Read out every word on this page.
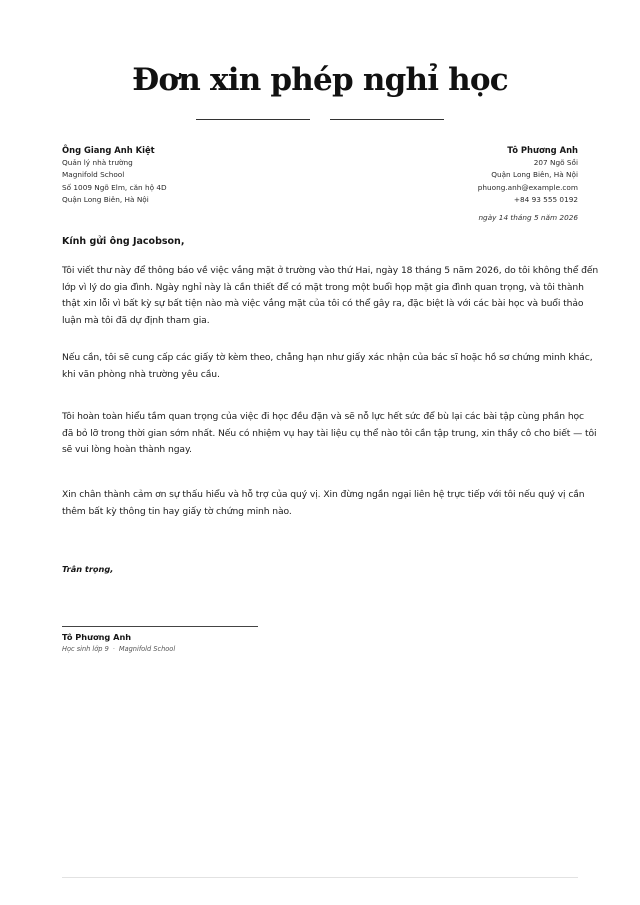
Đơn xin phép nghỉ học
Ông Giang Anh Kiệt
Quản lý nhà trường
Magnifold School
Số 1009 Ngõ Elm, căn hộ 4D
Quận Long Biên, Hà Nội
Tô Phương Anh
207 Ngõ Sồi
Quận Long Biên, Hà Nội
phuong.anh@example.com
+84 93 555 0192
ngày 14 tháng 5 năm 2026
Kính gửi ông Jacobson,
Tôi viết thư này để thông báo về việc vắng mặt ở trường vào thứ Hai, ngày 18 tháng 5 năm 2026, do tôi không thể đến
lớp vì lý do gia đình. Ngày nghỉ này là cần thiết để có mặt trong một buổi họp mặt gia đình quan trọng, và tôi thành
thật xin lỗi vì bất kỳ sự bất tiện nào mà việc vắng mặt của tôi có thể gây ra, đặc biệt là với các bài học và buổi thảo
luận mà tôi đã dự định tham gia.
Nếu cần, tôi sẽ cung cấp các giấy tờ kèm theo, chẳng hạn như giấy xác nhận của bác sĩ hoặc hồ sơ chứng minh khác,
khi văn phòng nhà trường yêu cầu.
Tôi hoàn toàn hiểu tầm quan trọng của việc đi học đều đặn và sẽ nỗ lực hết sức để bù lại các bài tập cùng phần học
đã bỏ lỡ trong thời gian sớm nhất. Nếu có nhiệm vụ hay tài liệu cụ thể nào tôi cần tập trung, xin thầy cô cho biết — tôi
sẽ vui lòng hoàn thành ngay.
Xin chân thành cảm ơn sự thấu hiểu và hỗ trợ của quý vị. Xin đừng ngần ngại liên hệ trực tiếp với tôi nếu quý vị cần
thêm bất kỳ thông tin hay giấy tờ chứng minh nào.
Trân trọng,
Tô Phương Anh
Học sinh lớp 9 · Magnifold School
